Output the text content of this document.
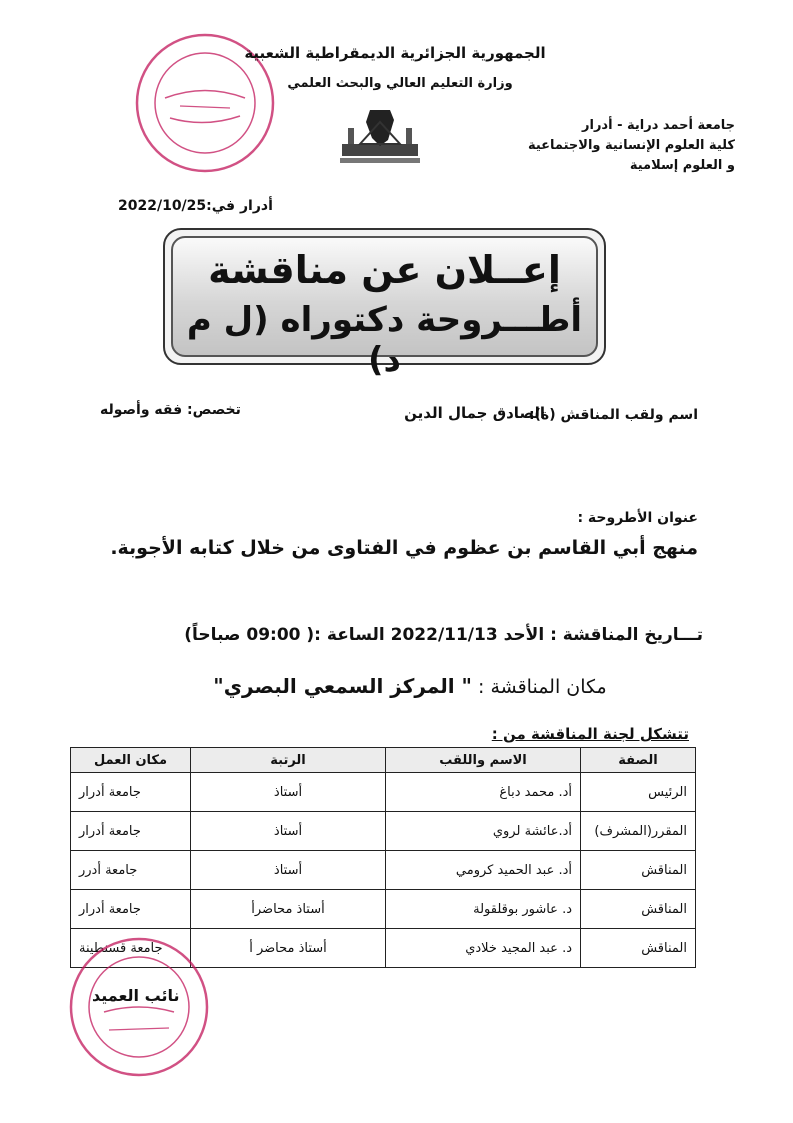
الجمهورية الجزائرية الديمقراطية الشعبية
وزارة التعليم العالي والبحث العلمي
جامعة أحمد دراية - أدرار
كلية العلوم الإنسانية والاجتماعية
و العلوم إسلامية
أدرار في:2022/10/25
إعــلان عن مناقشة
أطـــروحة دكتوراه (ل م د)
اسم ولقب المناقش (ة):
الصادق جمال الدين
تخصص: فقه وأصوله
عنوان الأطروحة :
منهج أبي القاسم بن عظوم في الفتاوى من خلال كتابه الأجوبة.
تـــاريخ المناقشة : الأحد 2022/11/13 الساعة :( 09:00 صباحاً)
مكان المناقشة : " المركز السمعي البصري"
تتشكل لجنة المناقشة من :
الصفة	الاسم واللقب	الرتبة	مكان العمل
الرئيس	أد. محمد دباغ	أستاذ	جامعة أدرار
المقرر(المشرف)	أد.عائشة لروي	أستاذ	جامعة أدرار
المناقش	أد. عبد الحميد كرومي	أستاذ	جامعة أدرر
المناقش	د. عاشور بوقلقولة	أستاذ محاضرأ	جامعة أدرار
المناقش	د. عبد المجيد خلادي	أستاذ محاضر أ	جامعة قسنطينة
نائب العميد
